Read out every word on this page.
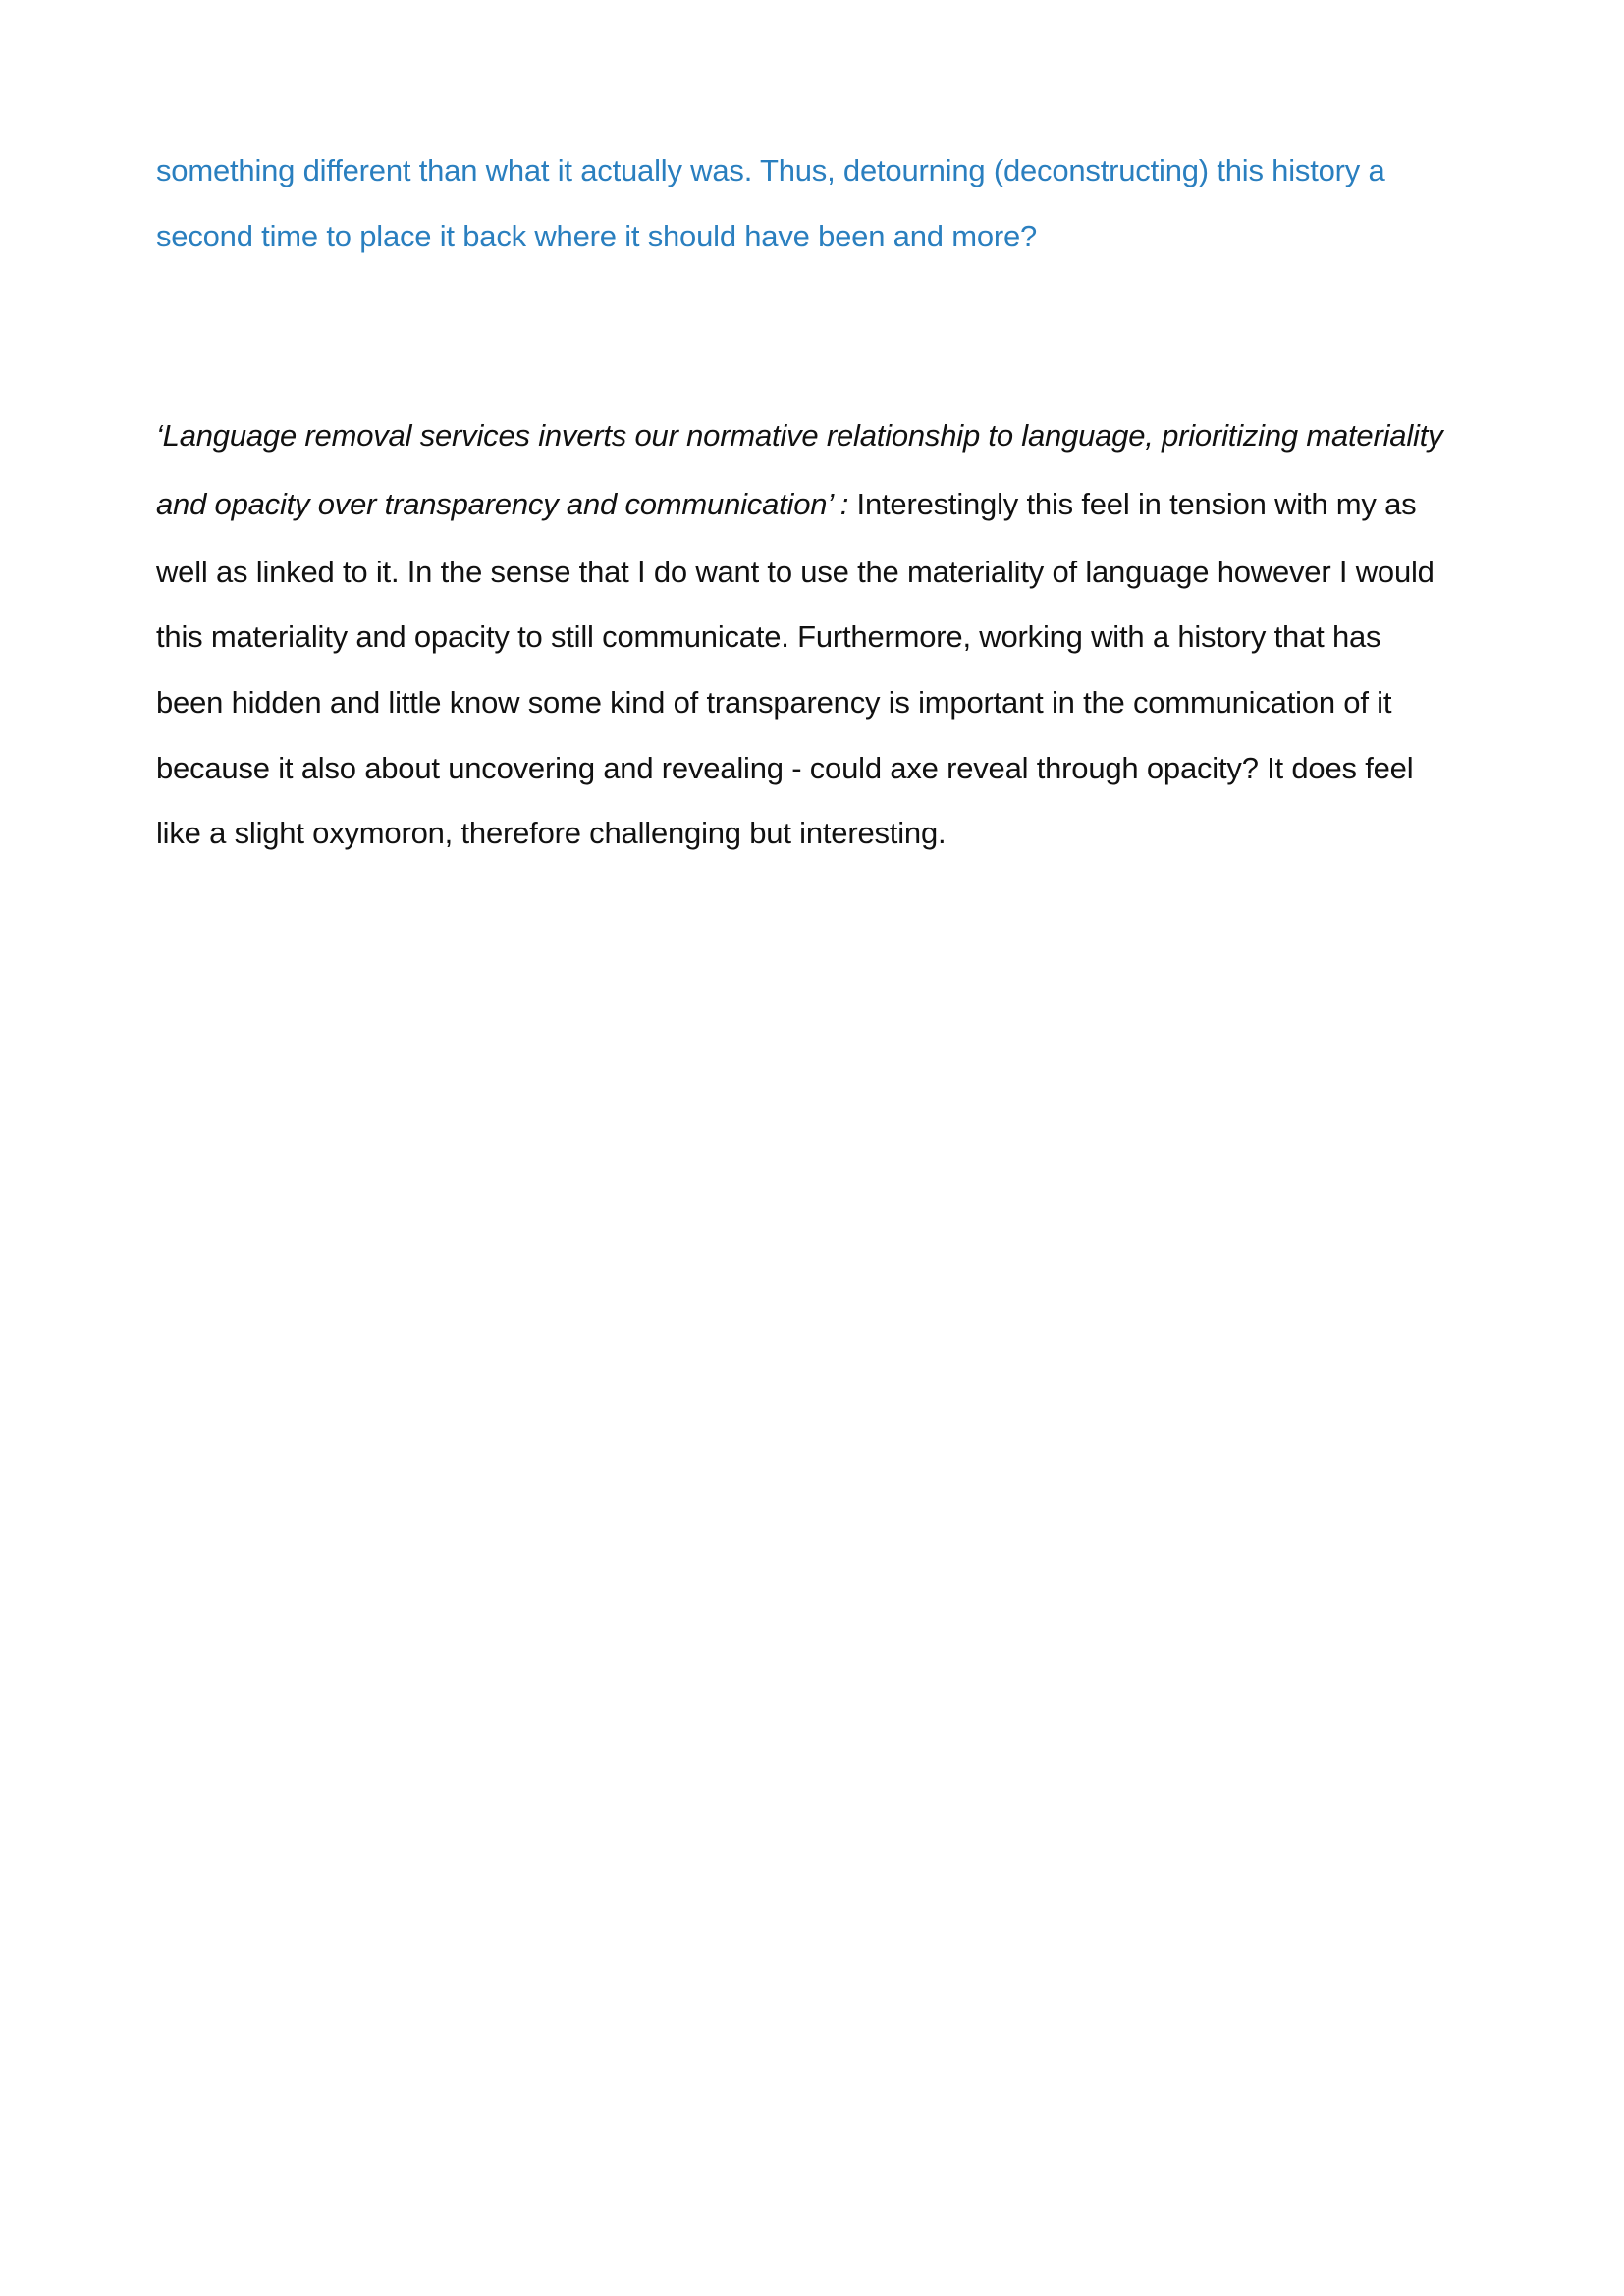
something different than what it actually was. Thus, detourning (deconstructing) this history a
second time to place it back where it should have been and more?
‘Language removal services inverts our normative relationship to language, prioritizing materiality
and opacity over transparency and communication’ : Interestingly this feel in tension with my as
well as linked to it. In the sense that I do want to use the materiality of language however I would
this materiality and opacity to still communicate. Furthermore, working with a history that has
been hidden and little know some kind of transparency is important in the communication of it
because it also about uncovering and revealing - could axe reveal through opacity? It does feel
like a slight oxymoron, therefore challenging but interesting.
